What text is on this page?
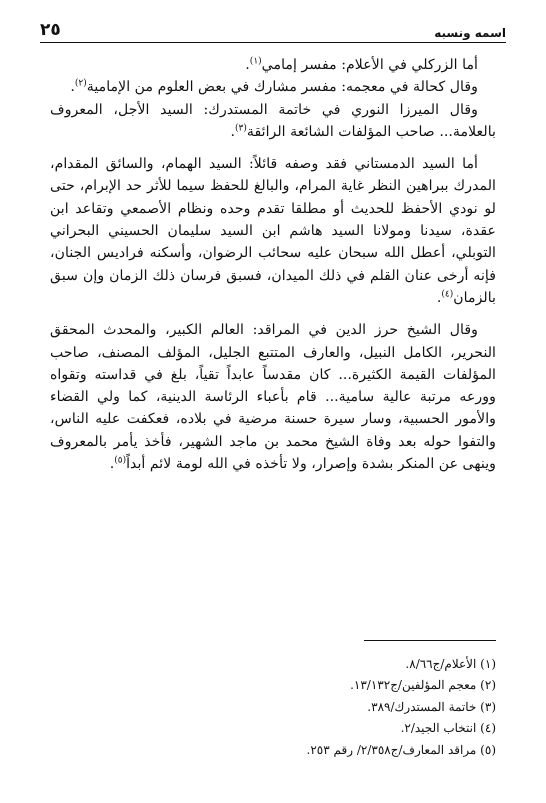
اسمه ونسبه
٢٥

أما الزركلي في الأعلام: مفسر إمامي$^{(١)}$.

وقال كحالة في معجمه: مفسر مشارك في بعض العلوم من الإمامية$^{(٢)}$.

وقال الميرزا النوري في خاتمة المستدرك: السيد الأجل، المعروف بالعلامة... صاحب المؤلفات الشائعة الرائقة$^{(٣)}$.

أما السيد الدمستاني فقد وصفه قائلاً: السيد الهمام، والسائق المقدام، المدرك ببراهين النظر غاية المرام، والبالغ للحفظ سيما للأثر حد الإبرام، حتى لو نودي الأحفظ للحديث أو مطلقا تقدم وحده ونظام الأصمعي وتقاعد ابن عقدة، سيدنا ومولانا السيد هاشم ابن السيد سليمان الحسيني البحراني التوبلي، أعطل الله سبحان عليه سحائب الرضوان، وأسكنه فراديس الجنان، فإنه أرخى عنان القلم في ذلك الميدان، فسبق فرسان ذلك الزمان وإن سبق بالزمان$^{(٤)}$.

وقال الشيخ حرز الدين في المراقد: العالم الكبير، والمحدث المحقق النحرير، الكامل النبيل، والعارف المتتبع الجليل، المؤلف المصنف، صاحب المؤلفات القيمة الكثيرة... كان مقدساً عابداً تقياً، بلغ في قداسته وتقواه وورعه مرتبة عالية سامية... قام بأعباء الرئاسة الدينية، كما ولي القضاء والأمور الحسبية، وسار سيرة حسنة مرضية في بلاده، فعكفت عليه الناس، والتفوا حوله بعد وفاة الشيخ محمد بن ماجد الشهير، فأخذ يأمر بالمعروف وينهى عن المنكر بشدة وإصرار، ولا تأخذه في الله لومة لائم أبداً$^{(٥)}$.

(١) الأعلام/ج٨/٦٦.
(٢) معجم المؤلفين/ج١٣/١٣٢.
(٣) خاتمة المستدرك/٣٨٩.
(٤) انتخاب الجيد/٢.
(٥) مراقد المعارف/ج٢/٣٥٨/ رقم ٢٥٣.
